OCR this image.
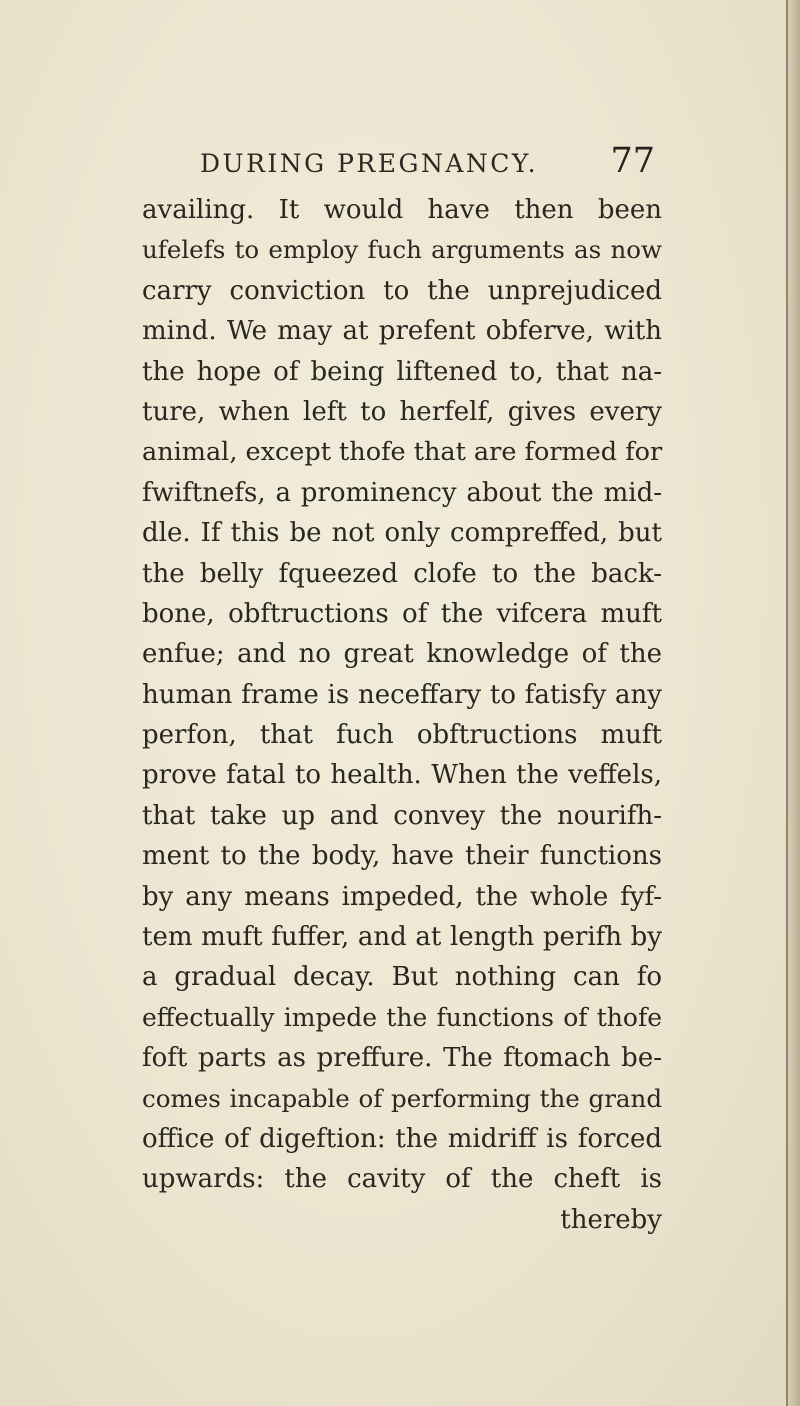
DURING PREGNANCY. 77
availing. It would have then been
ufelefs to employ fuch arguments as now
carry conviction to the unprejudiced
mind. We may at prefent obferve, with
the hope of being liftened to, that na-
ture, when left to herfelf, gives every
animal, except thofe that are formed for
fwiftnefs, a prominency about the mid-
dle. If this be not only compreffed, but
the belly fqueezed clofe to the back-
bone, obftructions of the vifcera muft
enfue; and no great knowledge of the
human frame is neceffary to fatisfy any
perfon, that fuch obftructions muft
prove fatal to health. When the veffels,
that take up and convey the nourifh-
ment to the body, have their functions
by any means impeded, the whole fyf-
tem muft fuffer, and at length perifh by
a gradual decay. But nothing can fo
effectually impede the functions of thofe
foft parts as preffure. The ftomach be-
comes incapable of performing the grand
office of digeftion: the midriff is forced
upwards: the cavity of the cheft is
thereby
